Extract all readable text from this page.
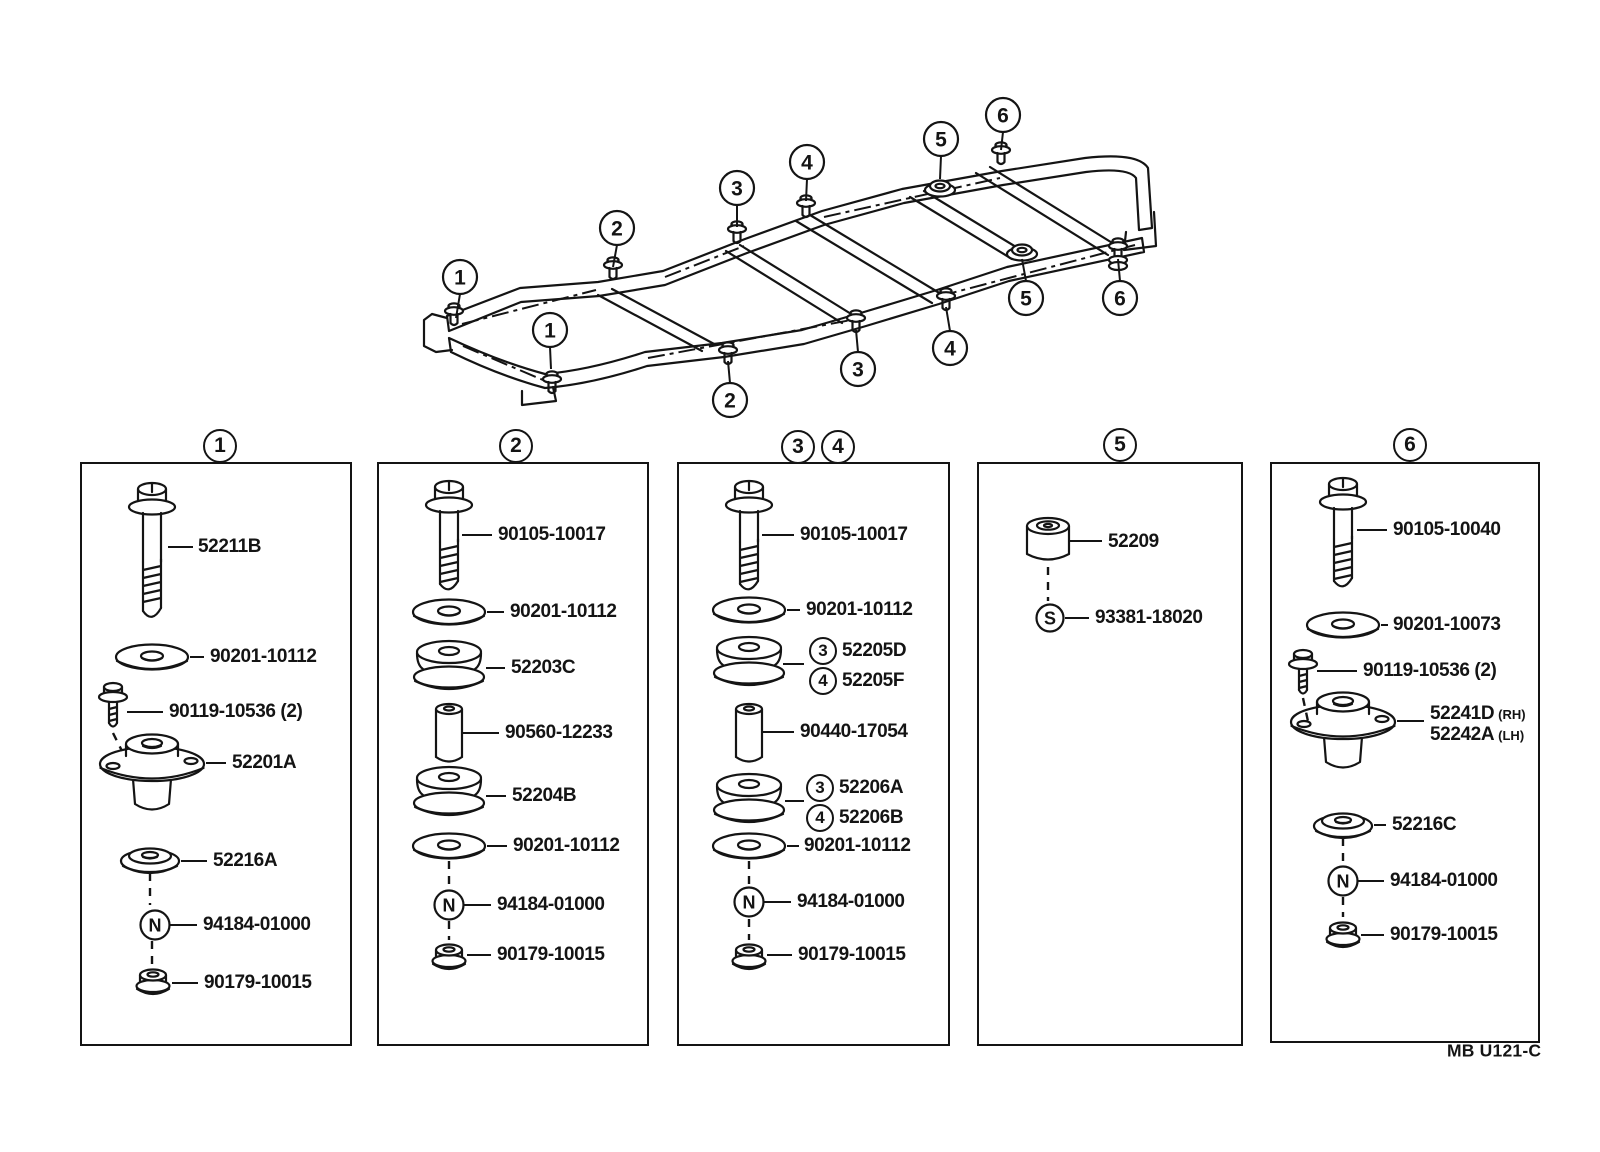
1
1
2
2
3
3
4
4
5
5
6
6
N
N	N
S
N
1	2	3	4	5	6
52211B
90201-10112
90119-10536 (2)
52201A
52216A
94184-01000
90179-10015
90105-10017
90201-10112
52203C
90560-12233
52204B
90201-10112
94184-01000
90179-10015
90105-10017
90201-10112
3 52205D
4 52205F
90440-17054
3 52206A
4 52206B
90201-10112
94184-01000
90179-10015
52209
93381-18020
90105-10040
90201-10073
90119-10536 (2)
52241D (RH)
52242A (LH)
52216C
94184-01000
90179-10015
MB U121-C
